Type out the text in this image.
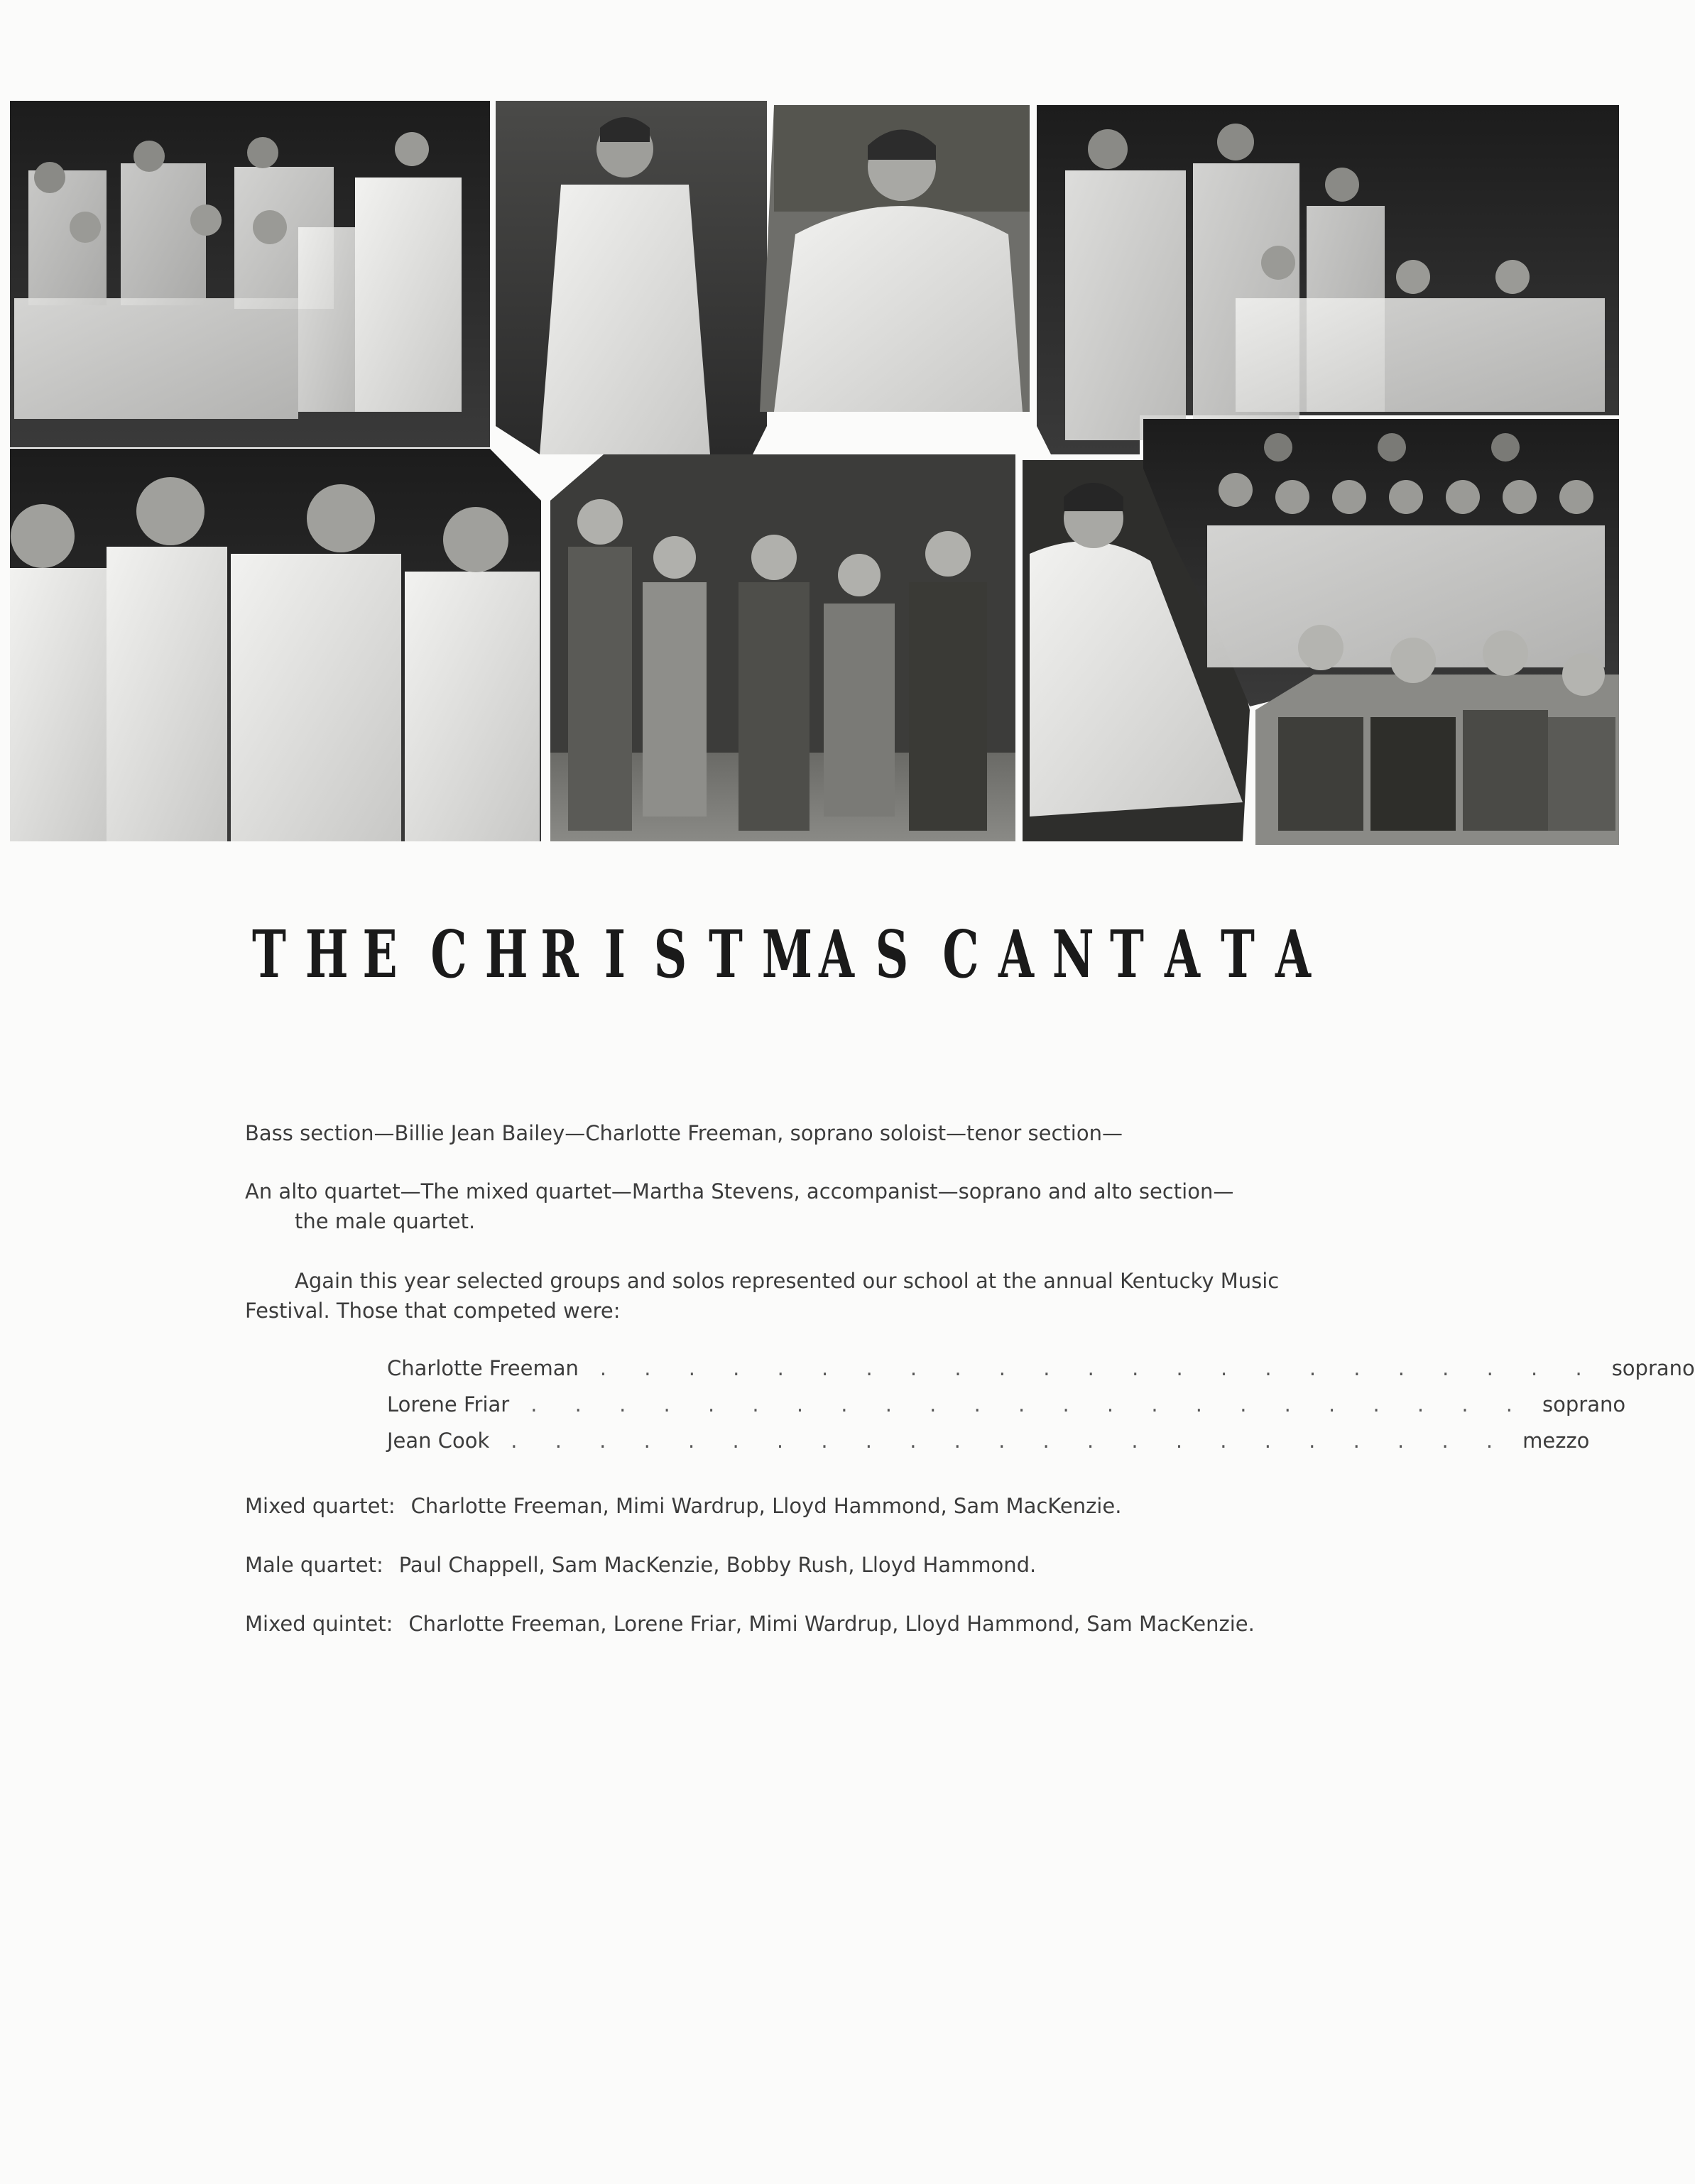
T H E C H R I S T M A S C A N T A T A

Bass section—Billie Jean Bailey—Charlotte Freeman, soprano soloist—tenor section—

An alto quartet—The mixed quartet—Martha Stevens, accompanist—soprano and alto section—
the male quartet.

Again this year selected groups and solos represented our school at the annual Kentucky Music Festival. Those that competed were:

Charlotte Freeman . . . . . . . . . . . . . . . . . . . . . . . soprano
Lorene Friar . . . . . . . . . . . . . . . . . . . . . . . soprano
Jean Cook . . . . . . . . . . . . . . . . . . . . . . . mezzo

Mixed quartet: Charlotte Freeman, Mimi Wardrup, Lloyd Hammond, Sam MacKenzie.

Male quartet: Paul Chappell, Sam MacKenzie, Bobby Rush, Lloyd Hammond.

Mixed quintet: Charlotte Freeman, Lorene Friar, Mimi Wardrup, Lloyd Hammond, Sam MacKenzie.
